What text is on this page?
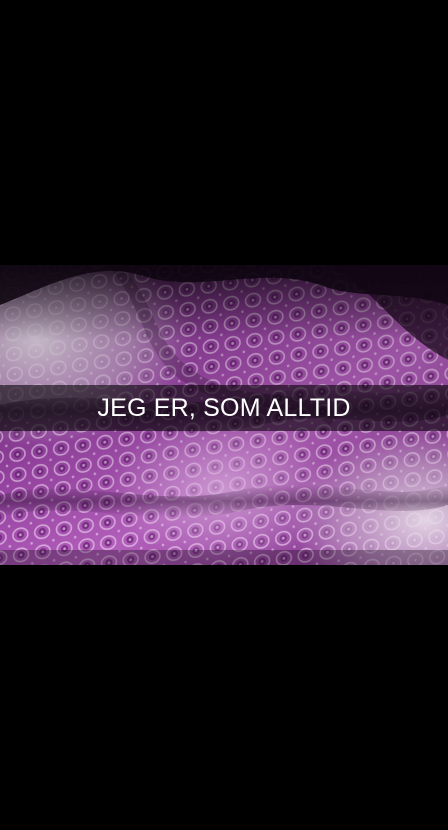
JEG ER, SOM ALLTID
